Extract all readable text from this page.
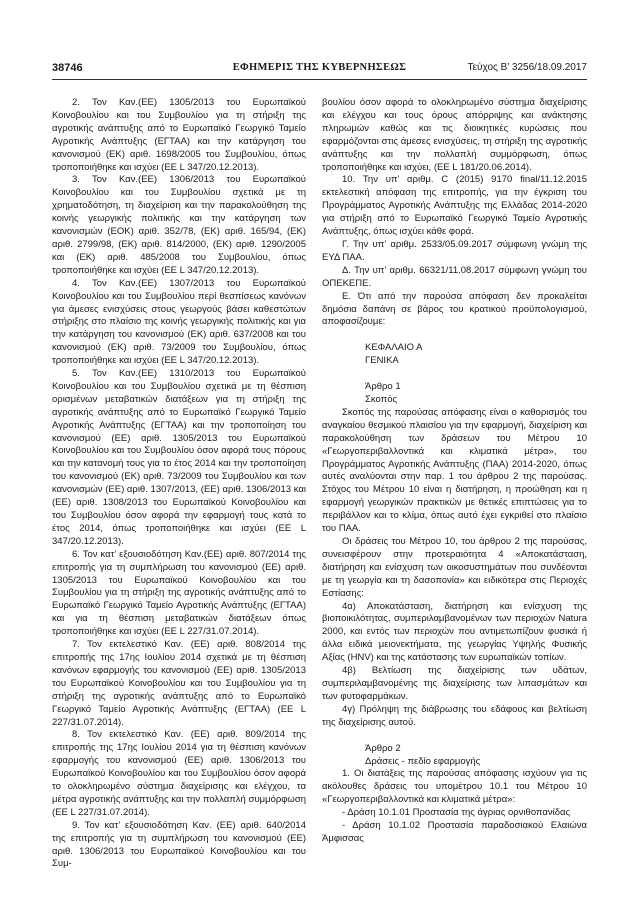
38746	ΕΦΗΜΕΡΙΣ ΤΗΣ ΚΥΒΕΡΝΗΣΕΩΣ	Τεύχος Β’ 3256/18.09.2017

2. Τον Καν.(ΕΕ) 1305/2013 του Ευρωπαϊκού Κοινοβουλίου και του Συμβουλίου για τη στήριξη της αγροτικής ανάπτυξης από το Ευρωπαϊκό Γεωργικό Ταμείο Αγροτικής Ανάπτυξης (ΕΓΤΑΑ) και την κατάργηση του κανονισμού (ΕΚ) αριθ. 1698/2005 του Συμβουλίου, όπως τροποποιήθηκε και ισχύει (ΕΕ L 347/20.12.2013).

3. Τον Καν.(ΕΕ) 1306/2013 του Ευρωπαϊκού Κοινοβουλίου και του Συμβουλίου σχετικά με τη χρηματοδότηση, τη διαχείριση και την παρακολούθηση της κοινής γεωργικής πολιτικής και την κατάργηση των κανονισμών (ΕΟΚ) αριθ. 352/78, (ΕΚ) αριθ. 165/94, (ΕΚ) αριθ. 2799/98, (ΕΚ) αριθ. 814/2000, (ΕΚ) αριθ. 1290/2005 και (ΕΚ) αριθ. 485/2008 του Συμβουλίου, όπως τροποποιήθηκε και ισχύει (ΕΕ L 347/20.12.2013).

4. Τον Καν.(ΕΕ) 1307/2013 του Ευρωπαϊκού Κοινοβουλίου και του Συμβουλίου περί θεσπίσεως κανόνων για άμεσες ενισχύσεις στους γεωργούς βάσει καθεστώτων στήριξης στο πλαίσιο της κοινής γεωργικής πολιτικής και για την κατάργηση του κανονισμού (ΕΚ) αριθ. 637/2008 και του κανονισμού (ΕΚ) αριθ. 73/2009 του Συμβουλίου, όπως τροποποιήθηκε και ισχύει (ΕΕ L 347/20.12.2013).

5. Τον Καν.(ΕΕ) 1310/2013 του Ευρωπαϊκού Κοινοβουλίου και του Συμβουλίου σχετικά με τη θέσπιση ορισμένων μεταβατικών διατάξεων για τη στήριξη της αγροτικής ανάπτυξης από το Ευρωπαϊκό Γεωργικό Ταμείο Αγροτικής Ανάπτυξης (ΕΓΤΑΑ) και την τροποποίηση του κανονισμού (ΕΕ) αριθ. 1305/2013 του Ευρωπαϊκού Κοινοβουλίου και του Συμβουλίου όσον αφορά τους πόρους και την κατανομή τους για το έτος 2014 και την τροποποίηση του κανονισμού (ΕΚ) αριθ. 73/2009 του Συμβουλίου και των κανονισμών (ΕΕ) αριθ. 1307/2013, (ΕΕ) αριθ. 1306/2013 και (ΕΕ) αριθ. 1308/2013 του Ευρωπαϊκού Κοινοβουλίου και του Συμβουλίου όσον αφορά την εφαρμογή τους κατά το έτος 2014, όπως τροποποιήθηκε και ισχύει (ΕΕ L 347/20.12.2013).

6. Τον κατ’ εξουσιοδότηση Καν.(ΕΕ) αριθ. 807/2014 της επιτροπής για τη συμπλήρωση του κανονισμού (ΕΕ) αριθ. 1305/2013 του Ευρωπαϊκού Κοινοβουλίου και του Συμβουλίου για τη στήριξη της αγροτικής ανάπτυξης από το Ευρωπαϊκό Γεωργικό Ταμείο Αγροτικής Ανάπτυξης (ΕΓΤΑΑ) και για τη θέσπιση μεταβατικών διατάξεων όπως τροποποιήθηκε και ισχύει (ΕΕ L 227/31.07.2014).

7. Τον εκτελεστικό Καν. (ΕΕ) αριθ. 808/2014 της επιτροπής της 17ης Ιουλίου 2014 σχετικά με τη θέσπιση κανόνων εφαρμογής του κανονισμού (ΕΕ) αριθ. 1305/2013 του Ευρωπαϊκού Κοινοβουλίου και του Συμβουλίου για τη στήριξη της αγροτικής ανάπτυξης από το Ευρωπαϊκό Γεωργικό Ταμείο Αγροτικής Ανάπτυξης (ΕΓΤΑΑ) (ΕΕ L 227/31.07.2014).

8. Τον εκτελεστικό Καν. (ΕΕ) αριθ. 809/2014 της επιτροπής της 17ης Ιουλίου 2014 για τη θέσπιση κανόνων εφαρμογής του κανονισμού (ΕΕ) αριθ. 1306/2013 του Ευρωπαϊκού Κοινοβουλίου και του Συμβουλίου όσον αφορά το ολοκληρωμένο σύστημα διαχείρισης και ελέγχου, τα μέτρα αγροτικής ανάπτυξης και την πολλαπλή συμμόρφωση (ΕΕ L 227/31.07.2014).

9. Τον κατ’ εξουσιοδότηση Καν. (ΕΕ) αριθ. 640/2014 της επιτροπής για τη συμπλήρωση του κανονισμού (ΕΕ) αριθ. 1306/2013 του Ευρωπαϊκού Κοινοβουλίου και του Συμ-

βουλίου όσον αφορά το ολοκληρωμένο σύστημα διαχείρισης και ελέγχου και τους όρους απόρριψης και ανάκτησης πληρωμών καθώς και τις διοικητικές κυρώσεις που εφαρμόζονται στις άμεσες ενισχύσεις, τη στήριξη της αγροτικής ανάπτυξης και την πολλαπλή συμμόρφωση, όπως τροποποιήθηκε και ισχύει, (ΕΕ L 181/20.06.2014).

10. Την υπ’ αριθμ. C (2015) 9170 final/11.12.2015 εκτελεστική απόφαση της επιτροπής, για την έγκριση του Προγράμματος Αγροτικής Ανάπτυξης της Ελλάδας 2014-2020 για στήριξη από το Ευρωπαϊκό Γεωργικό Ταμείο Αγροτικής Ανάπτυξης, όπως ισχύει κάθε φορά.

Γ. Την υπ’ αριθμ. 2533/05.09.2017 σύμφωνη γνώμη της ΕΥΔ ΠΑΑ.

Δ. Την υπ’ αριθμ. 66321/11.08.2017 σύμφωνη γνώμη του ΟΠΕΚΕΠΕ.

Ε. Ότι από την παρούσα απόφαση δεν προκαλείται δημόσια δαπάνη σε βάρος του κρατικού προϋπολογισμού, αποφασίζουμε:

ΚΕΦΑΛΑΙΟ Α

ΓΕΝΙΚΑ

Άρθρο 1

Σκοπός

Σκοπός της παρούσας απόφασης είναι ο καθορισμός του αναγκαίου θεσμικού πλαισίου για την εφαρμογή, διαχείριση και παρακολούθηση των δράσεων του Μέτρου 10 «Γεωργοπεριβαλλοντικά και κλιματικά μέτρα», του Προγράμματος Αγροτικής Ανάπτυξης (ΠΑΑ) 2014-2020, όπως αυτές αναλύονται στην παρ. 1 του άρθρου 2 της παρούσας. Στόχος του Μέτρου 10 είναι η διατήρηση, η προώθηση και η εφαρμογή γεωργικών πρακτικών με θετικές επιπτώσεις για το περιβάλλον και το κλίμα, όπως αυτό έχει εγκριθεί στο πλαίσιο του ΠΑΑ.

Οι δράσεις του Μέτρου 10, του άρθρου 2 της παρούσας, συνεισφέρουν στην προτεραιότητα 4 «Αποκατάσταση, διατήρηση και ενίσχυση των οικοσυστημάτων που συνδέονται με τη γεωργία και τη δασοπονία» και ειδικότερα στις Περιοχές Εστίασης:

4α) Αποκατάσταση, διατήρηση και ενίσχυση της βιοποικιλότητας, συμπεριλαμβανομένων των περιοχών Natura 2000, και εντός των περιοχών που αντιμετωπίζουν φυσικά ή άλλα ειδικά μειονεκτήματα, της γεωργίας Υψηλής Φυσικής Αξίας (HNV) και της κατάστασης των ευρωπαϊκών τοπίων.

4β) Βελτίωση της διαχείρισης των υδάτων, συμπεριλαμβανομένης της διαχείρισης των λιπασμάτων και των φυτοφαρμάκων.

4γ) Πρόληψη της διάβρωσης του εδάφους και βελτίωση της διαχείρισης αυτού.

Άρθρο 2

Δράσεις - πεδίο εφαρμογής

1. Οι διατάξεις της παρούσας απόφασης ισχύουν για τις ακόλουθες δράσεις του υπομέτρου 10.1 του Μέτρου 10 «Γεωργοπεριβαλλοντικά και κλιματικά μέτρα»:

- Δράση 10.1.01 Προστασία της άγριας ορνιθοπανίδας

- Δράση 10.1.02 Προστασία παραδοσιακού Ελαιώνα Άμφισσας
